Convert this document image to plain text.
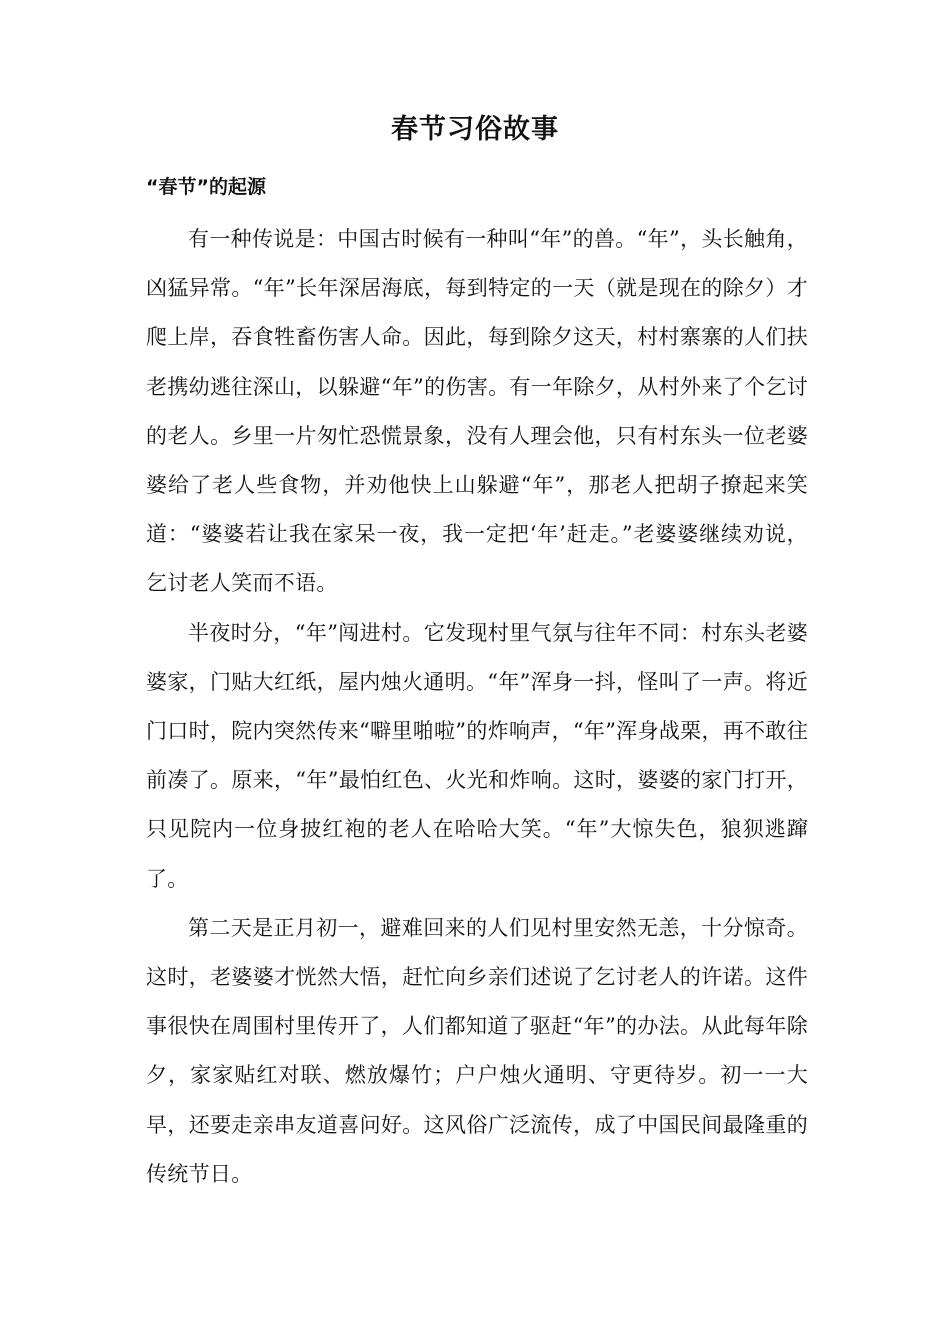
春节习俗故事
“春节”的起源

有一种传说是：中国古时候有一种叫“年”的兽。“年”，头长触角，凶猛异常。“年”长年深居海底，每到特定的一天（就是现在的除夕）才爬上岸，吞食牲畜伤害人命。因此，每到除夕这天，村村寨寨的人们扶老携幼逃往深山，以躲避“年”的伤害。有一年除夕，从村外来了个乞讨的老人。乡里一片匆忙恐慌景象，没有人理会他，只有村东头一位老婆婆给了老人些食物，并劝他快上山躲避“年”，那老人把胡子撩起来笑道：“婆婆若让我在家呆一夜，我一定把‘年’赶走。”老婆婆继续劝说，乞讨老人笑而不语。

半夜时分，“年”闯进村。它发现村里气氛与往年不同：村东头老婆婆家，门贴大红纸，屋内烛火通明。“年”浑身一抖，怪叫了一声。将近门口时，院内突然传来“噼里啪啦”的炸响声，“年”浑身战栗，再不敢往前凑了。原来，“年”最怕红色、火光和炸响。这时，婆婆的家门打开，只见院内一位身披红袍的老人在哈哈大笑。“年”大惊失色，狼狈逃蹿了。

第二天是正月初一，避难回来的人们见村里安然无恙，十分惊奇。这时，老婆婆才恍然大悟，赶忙向乡亲们述说了乞讨老人的许诺。这件事很快在周围村里传开了，人们都知道了驱赶“年”的办法。从此每年除夕，家家贴红对联、燃放爆竹；户户烛火通明、守更待岁。初一一大早，还要走亲串友道喜问好。这风俗广泛流传，成了中国民间最隆重的传统节日。
